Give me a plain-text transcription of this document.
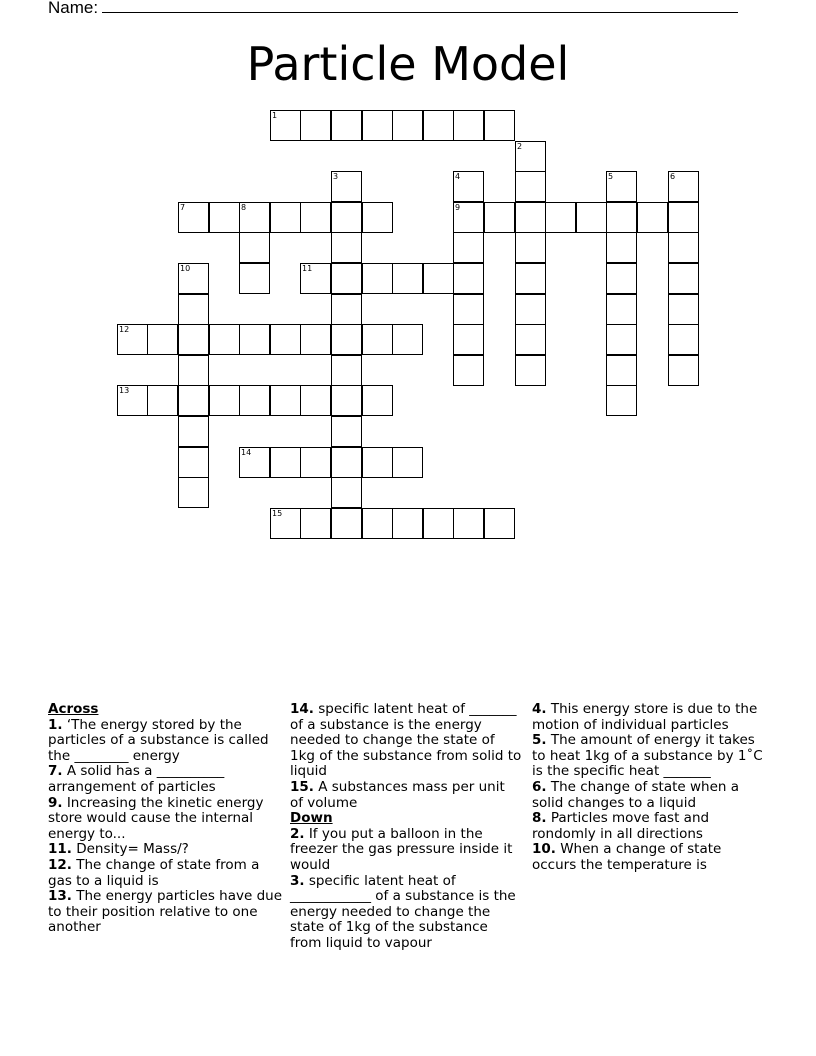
Name:
Particle Model
1
2
3	4	5	6
7	8	9
10	11
12
13
14
15
Across
1. ‘The energy stored by the particles of a substance is called the ________ energy
7. A solid has a __________ arrangement of particles
9. Increasing the kinetic energy store would cause the internal energy to...
11. Density= Mass/?
12. The change of state from a gas to a liquid is
13. The energy particles have due to their position relative to one another
14. specific latent heat of _______ of a substance is the energy needed to change the state of 1kg of the substance from solid to liquid
15. A substances mass per unit of volume
Down
2. If you put a balloon in the freezer the gas pressure inside it would
3. specific latent heat of ____________ of a substance is the energy needed to change the state of 1kg of the substance from liquid to vapour
4. This energy store is due to the motion of individual particles
5. The amount of energy it takes to heat 1kg of a substance by 1˚C is the specific heat _______
6. The change of state when a solid changes to a liquid
8. Particles move fast and rondomly in all directions
10. When a change of state occurs the temperature is
